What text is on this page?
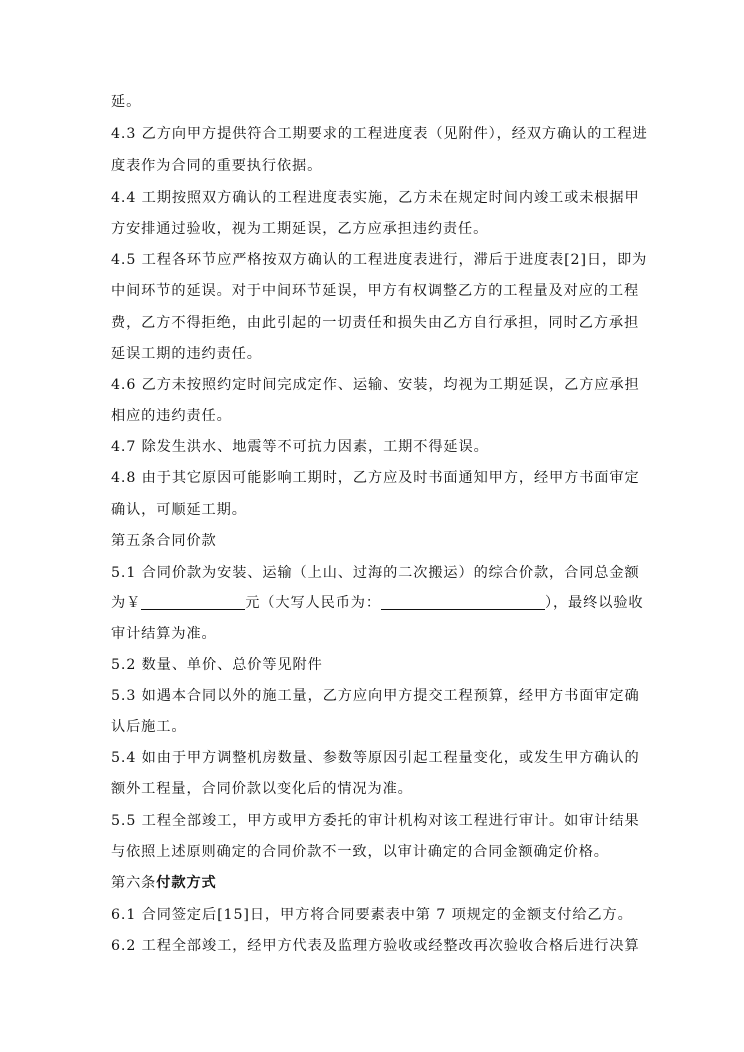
延。
4.3 乙方向甲方提供符合工期要求的工程进度表（见附件），经双方确认的工程进
度表作为合同的重要执行依据。
4.4 工期按照双方确认的工程进度表实施，乙方未在规定时间内竣工或未根据甲
方安排通过验收，视为工期延误，乙方应承担违约责任。
4.5 工程各环节应严格按双方确认的工程进度表进行，滞后于进度表[2]日，即为
中间环节的延误。对于中间环节延误，甲方有权调整乙方的工程量及对应的工程
费，乙方不得拒绝，由此引起的一切责任和损失由乙方自行承担，同时乙方承担
延误工期的违约责任。
4.6 乙方未按照约定时间完成定作、运输、安装，均视为工期延误，乙方应承担
相应的违约责任。
4.7 除发生洪水、地震等不可抗力因素，工期不得延误。
4.8 由于其它原因可能影响工期时，乙方应及时书面通知甲方，经甲方书面审定
确认，可顺延工期。
第五条合同价款
5.1 合同价款为安装、运输（上山、过海的二次搬运）的综合价款，合同总金额
为￥	元（大写人民币为：	），最终以验收
审计结算为准。
5.2 数量、单价、总价等见附件
5.3 如遇本合同以外的施工量，乙方应向甲方提交工程预算，经甲方书面审定确
认后施工。
5.4 如由于甲方调整机房数量、参数等原因引起工程量变化，或发生甲方确认的
额外工程量，合同价款以变化后的情况为准。
5.5 工程全部竣工，甲方或甲方委托的审计机构对该工程进行审计。如审计结果
与依照上述原则确定的合同价款不一致，以审计确定的合同金额确定价格。
第六条付款方式
6.1 合同签定后[15]日，甲方将合同要素表中第 7 项规定的金额支付给乙方。
6.2 工程全部竣工，经甲方代表及监理方验收或经整改再次验收合格后进行决算
